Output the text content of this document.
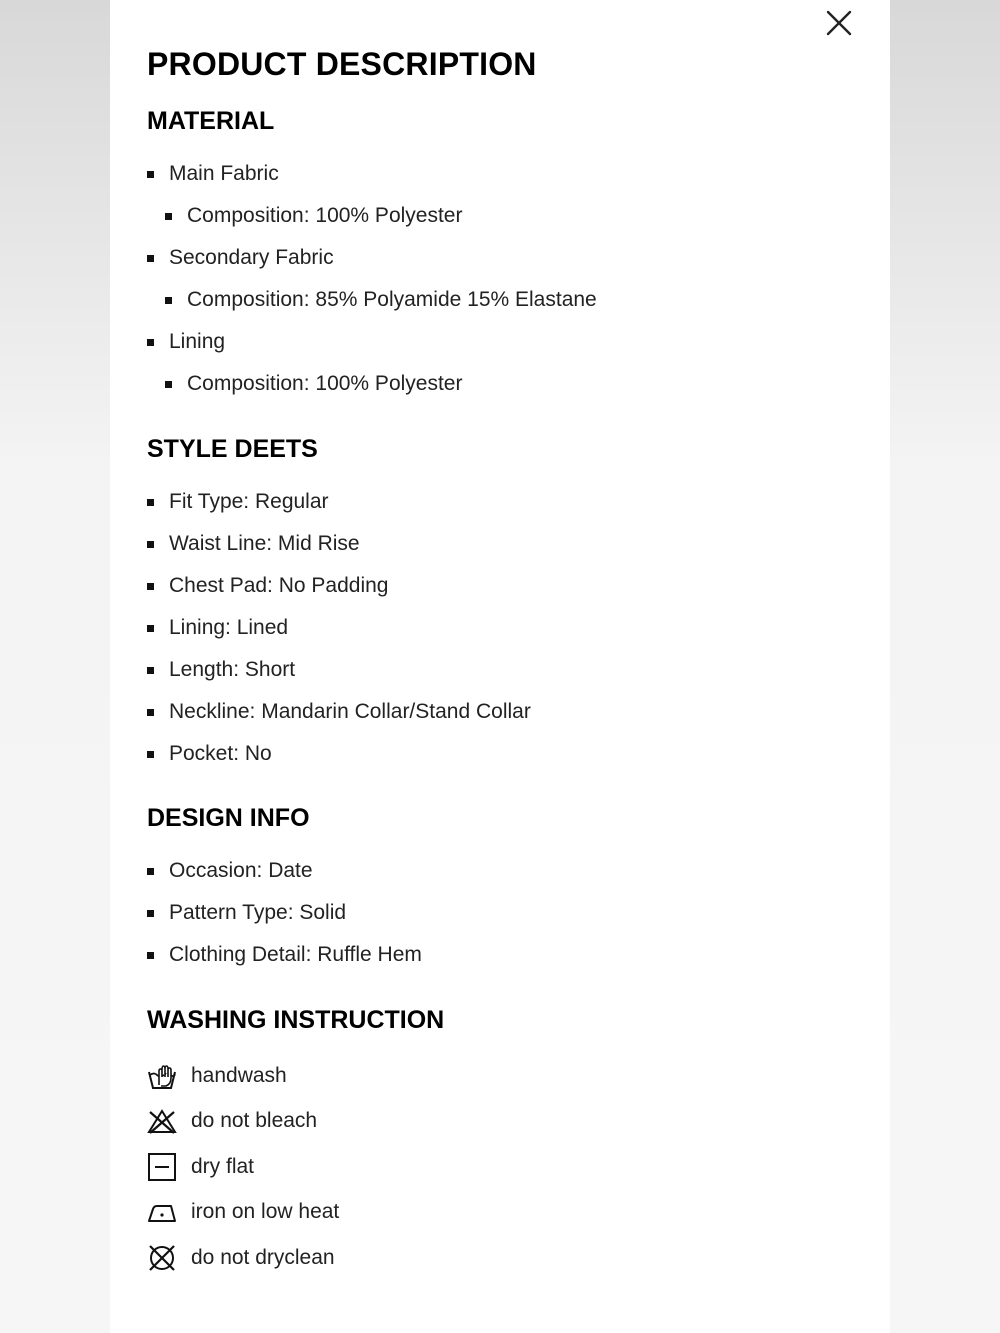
PRODUCT DESCRIPTION
MATERIAL
Main Fabric
Composition: 100% Polyester
Secondary Fabric
Composition: 85% Polyamide 15% Elastane
Lining
Composition: 100% Polyester
STYLE DEETS
Fit Type: Regular
Waist Line: Mid Rise
Chest Pad: No Padding
Lining: Lined
Length: Short
Neckline: Mandarin Collar/Stand Collar
Pocket: No
DESIGN INFO
Occasion: Date
Pattern Type: Solid
Clothing Detail: Ruffle Hem
WASHING INSTRUCTION
handwash
do not bleach
dry flat
iron on low heat
do not dryclean
